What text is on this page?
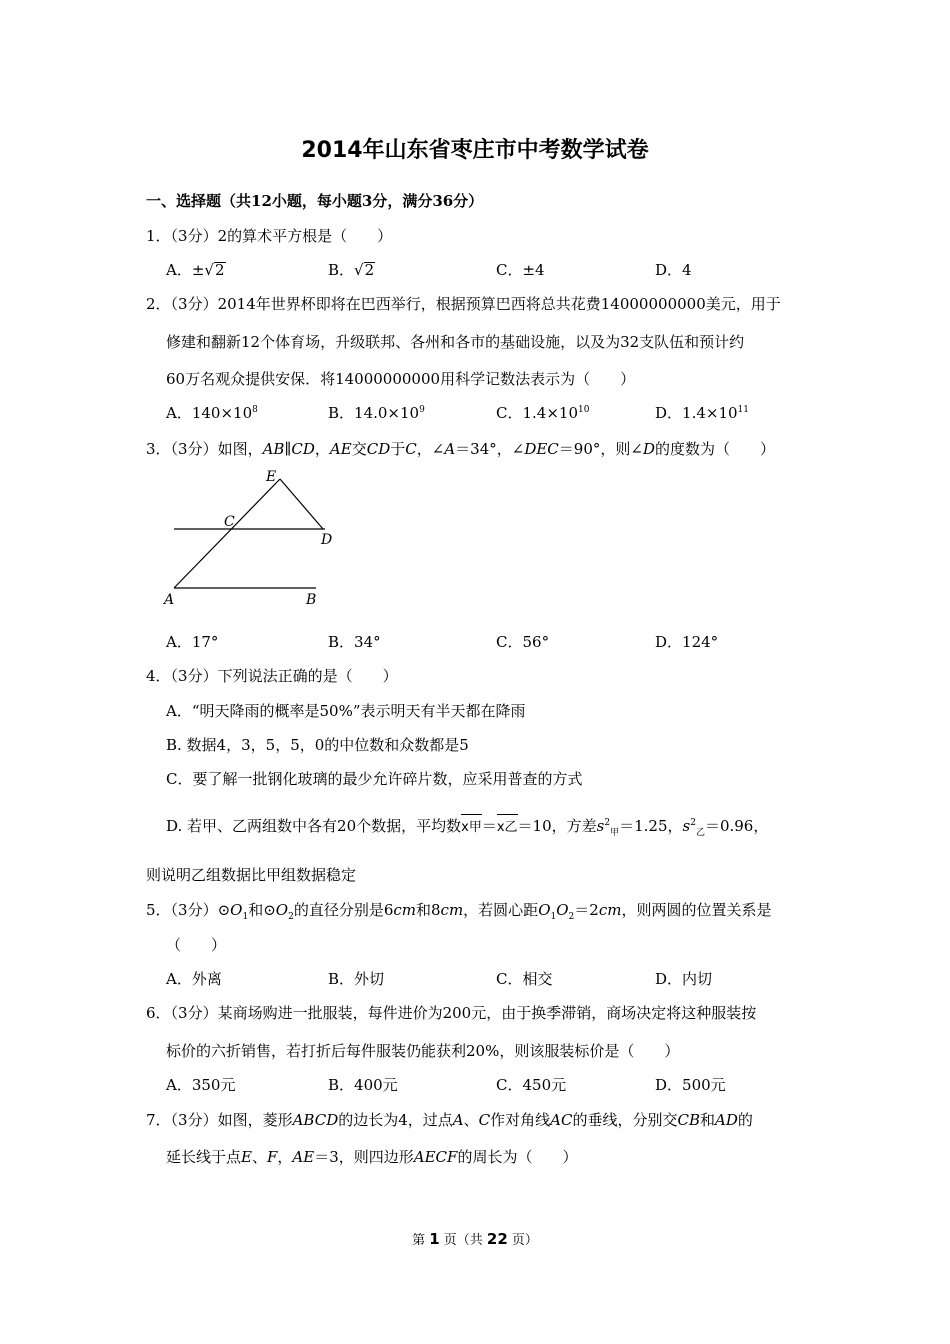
2014年山东省枣庄市中考数学试卷
一、选择题（共12小题，每小题3分，满分36分）
1．（3分）2的算术平方根是（　　）
A．±√2	B．√2	C．±4	D．4
2．（3分）2014年世界杯即将在巴西举行，根据预算巴西将总共花费14000000000美元，用于
修建和翻新12个体育场，升级联邦、各州和各市的基础设施，以及为32支队伍和预计约
60万名观众提供安保．将14000000000用科学记数法表示为（　　）
A．$140\times 10^8$	B．$14.0\times 10^9$	C．$1.4\times 10^{10}$	D．$1.4\times 10^{11}$
3．（3分）如图，AB∥CD，AE交CD于C，∠A＝34°，∠DEC＝90°，则∠D的度数为（　　）
E
C
D
A	B
A．17°	B．34°	C．56°	D．124°
4．（3分）下列说法正确的是（　　）
A．“明天降雨的概率是50%”表示明天有半天都在降雨
B. 数据4，3，5，5，0的中位数和众数都是5
C．要了解一批钢化玻璃的最少允许碎片数，应采用普查的方式
D. 若甲、乙两组数中各有20个数据，平均数x甲＝x乙＝10，方差$s^2_甲=1.25$，$s^2_乙=0.96$，
则说明乙组数据比甲组数据稳定
5．（3分）$⊙O_1$和$⊙O_2$的直径分别是6cm和8cm，若圆心距$O_1O_2=2cm$，则两圆的位置关系是
（　　）
A．外离	B．外切	C．相交	D．内切
6．（3分）某商场购进一批服装，每件进价为200元，由于换季滞销，商场决定将这种服装按
标价的六折销售，若打折后每件服装仍能获利20%，则该服装标价是（　　）
A．350元	B．400元	C．450元	D．500元
7．（3分）如图，菱形ABCD的边长为4，过点A、C作对角线AC的垂线，分别交CB和AD的
延长线于点E、F，AE＝3，则四边形AECF的周长为（　　）
第 1 页（共 22 页）
